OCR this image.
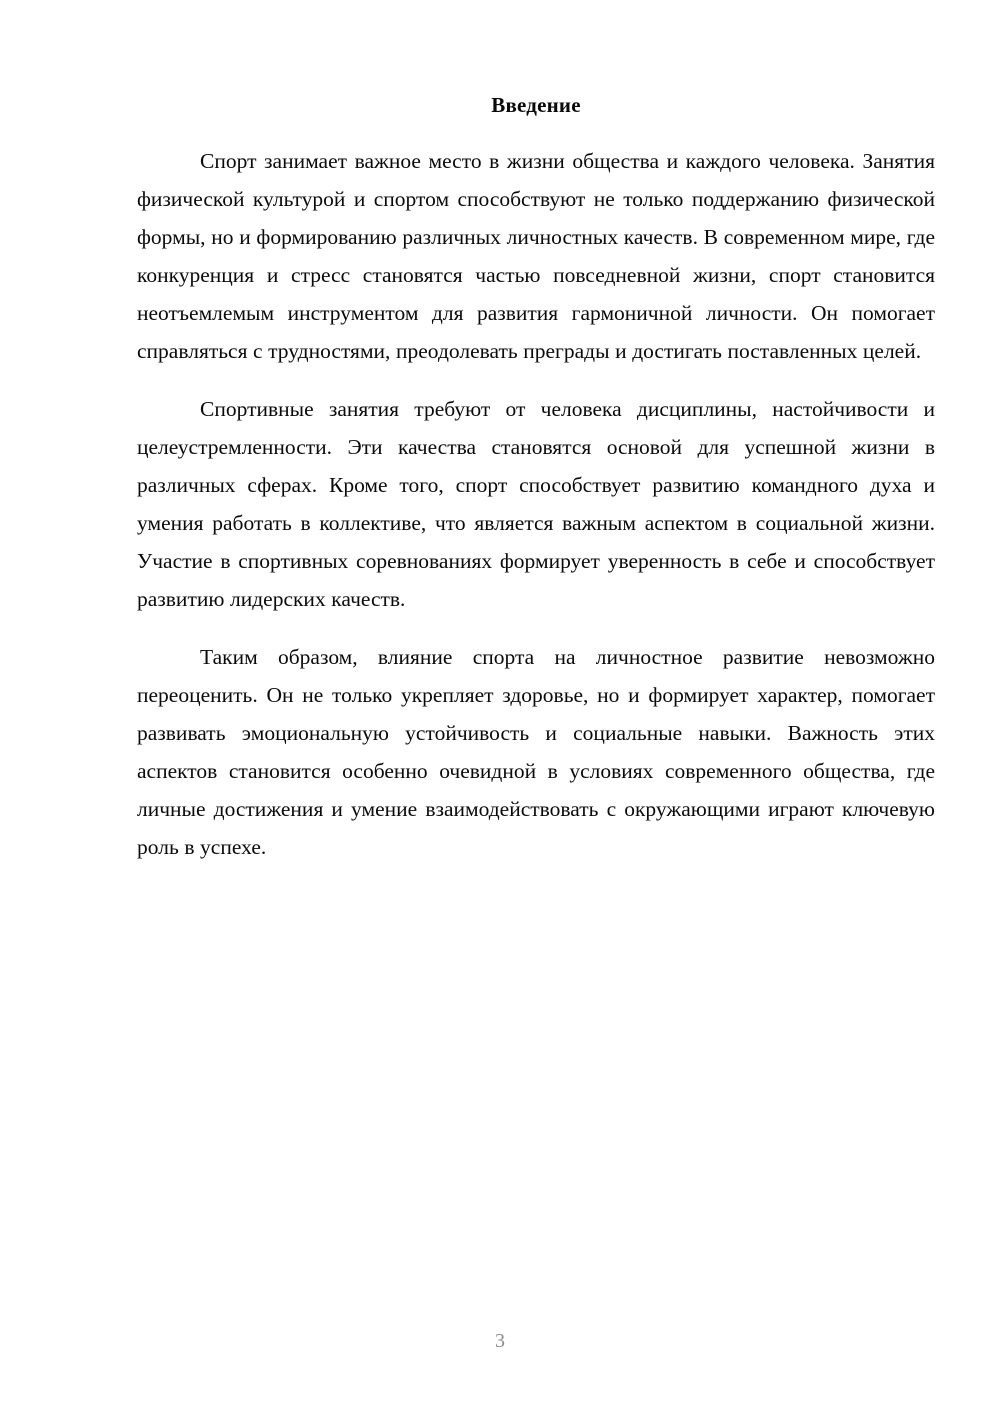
Введение

Спорт занимает важное место в жизни общества и каждого человека. Занятия физической культурой и спортом способствуют не только поддержанию физической формы, но и формированию различных личностных качеств. В современном мире, где конкуренция и стресс становятся частью повседневной жизни, спорт становится неотъемлемым инструментом для развития гармоничной личности. Он помогает справляться с трудностями, преодолевать преграды и достигать поставленных целей.

Спортивные занятия требуют от человека дисциплины, настойчивости и целеустремленности. Эти качества становятся основой для успешной жизни в различных сферах. Кроме того, спорт способствует развитию командного духа и умения работать в коллективе, что является важным аспектом в социальной жизни. Участие в спортивных соревнованиях формирует уверенность в себе и способствует развитию лидерских качеств.

Таким образом, влияние спорта на личностное развитие невозможно переоценить. Он не только укрепляет здоровье, но и формирует характер, помогает развивать эмоциональную устойчивость и социальные навыки. Важность этих аспектов становится особенно очевидной в условиях современного общества, где личные достижения и умение взаимодействовать с окружающими играют ключевую роль в успехе.

3
